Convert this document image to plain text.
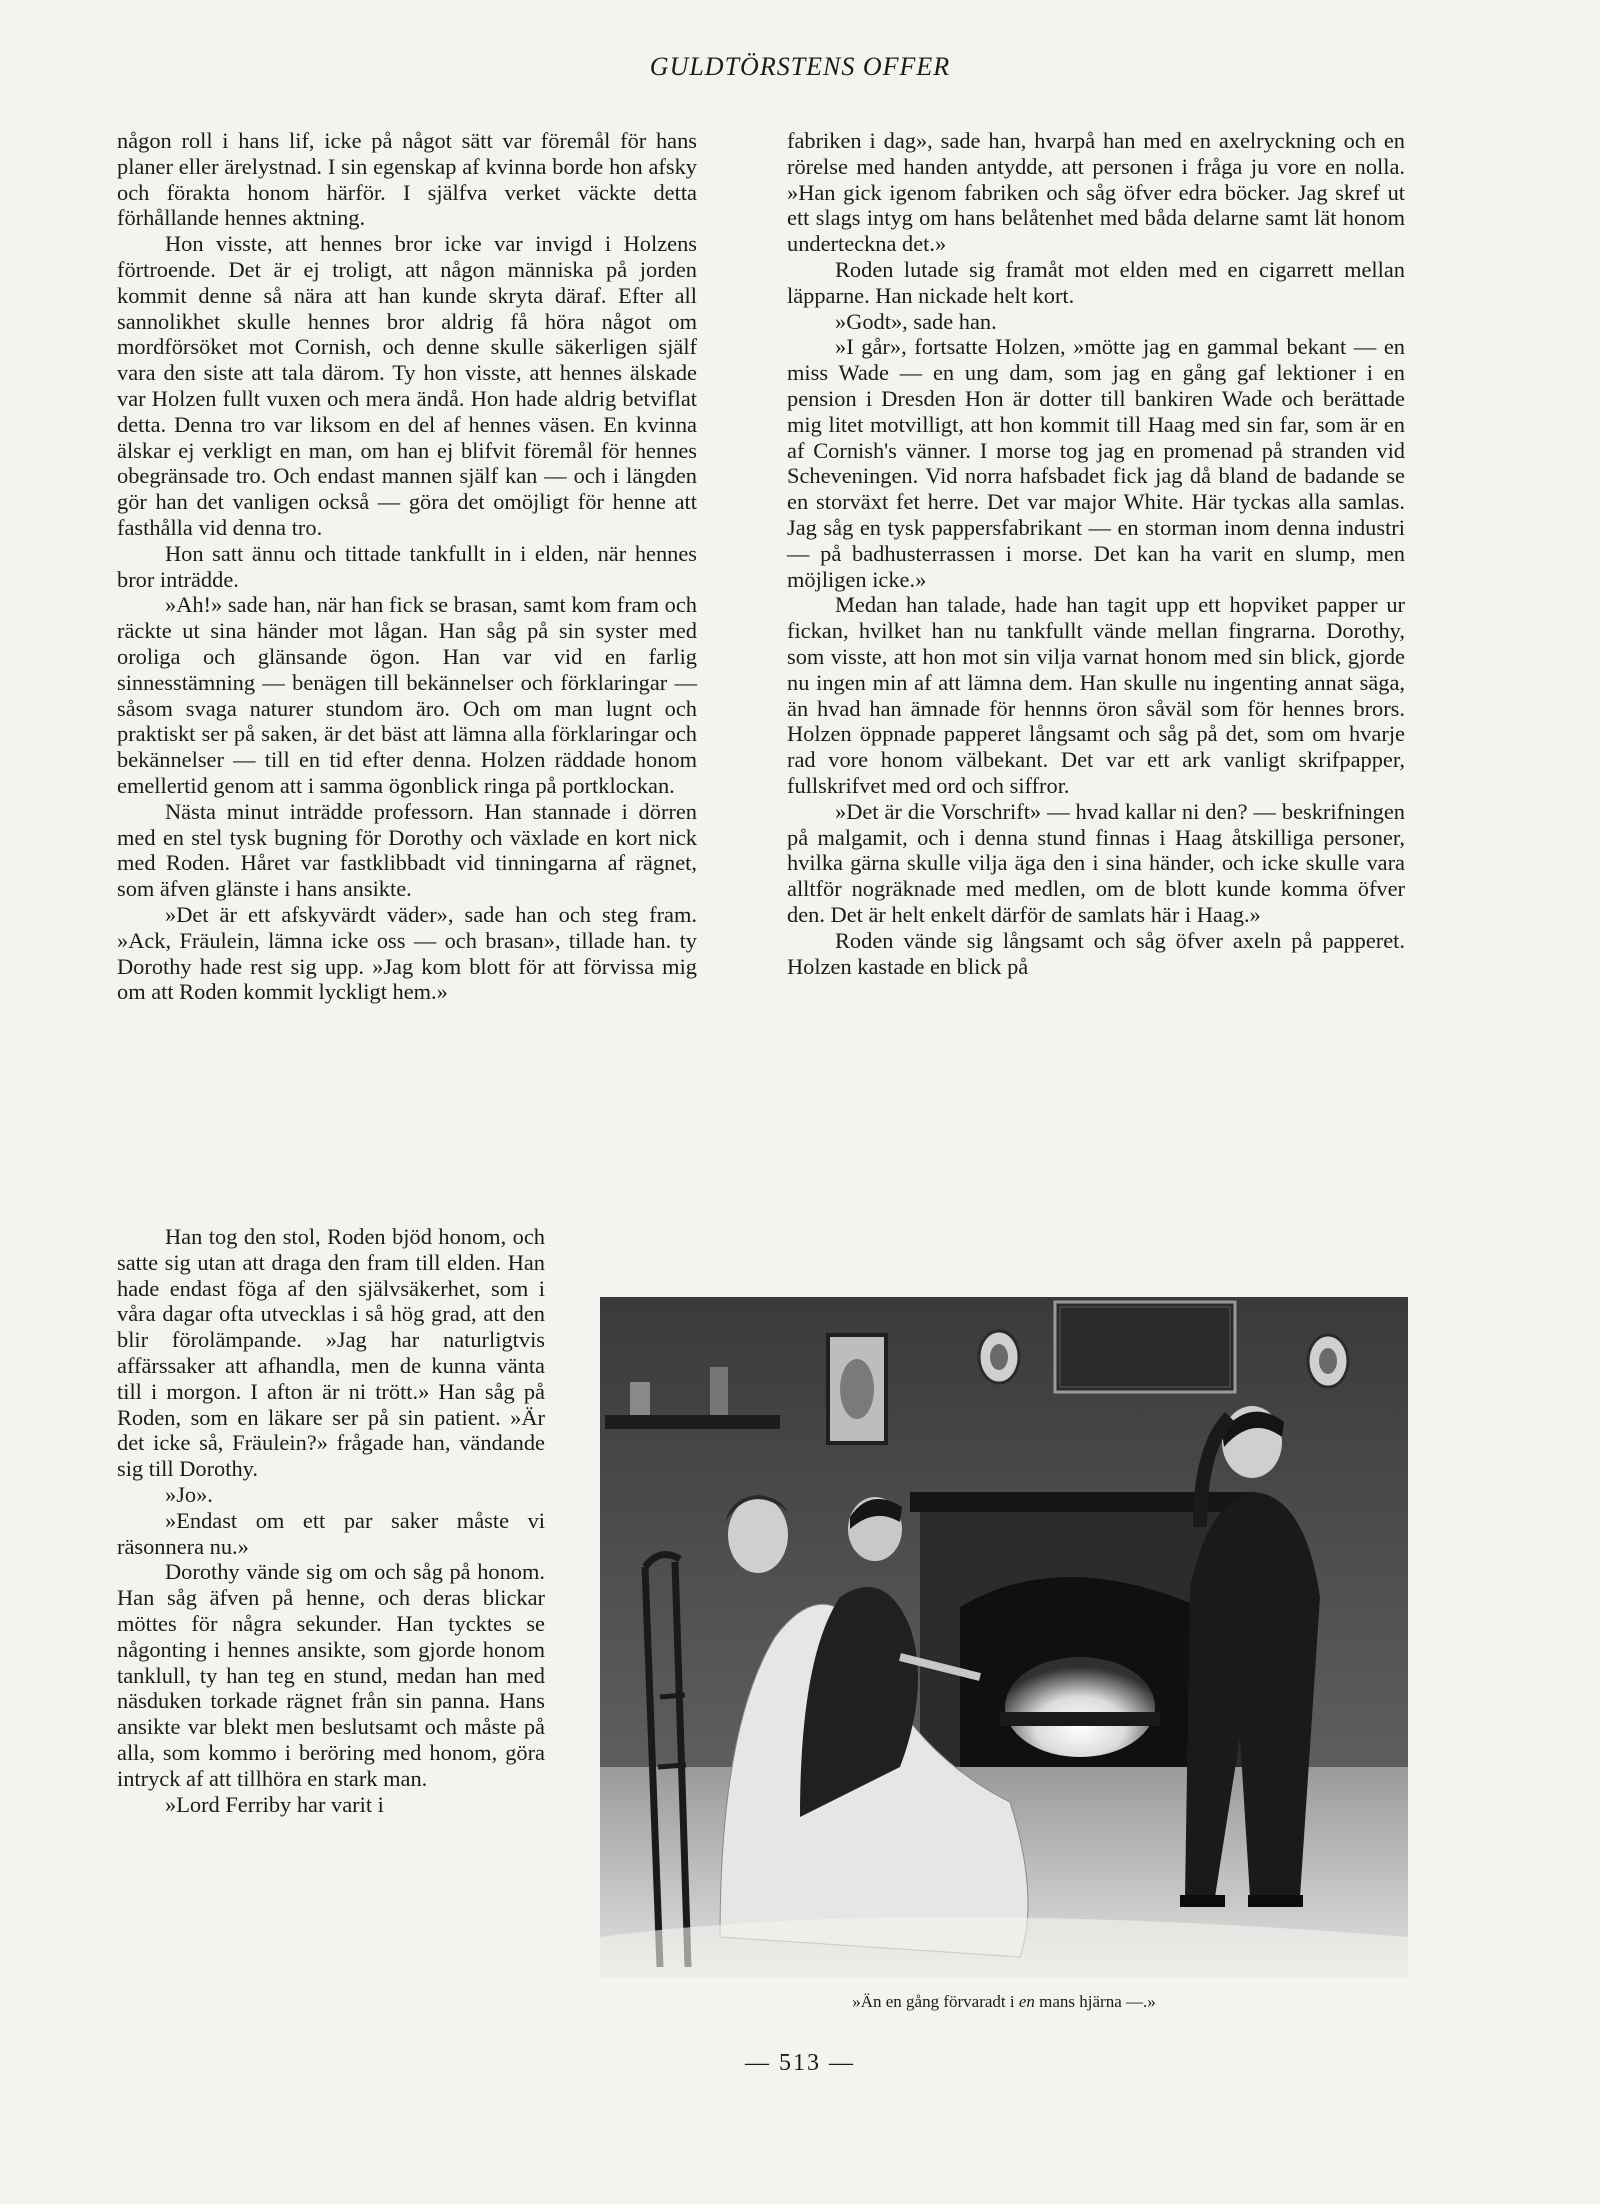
GULDTÖRSTENS OFFER

någon roll i hans lif, icke på något sätt var föremål för hans planer eller ärelystnad. I sin egenskap af kvinna borde hon afsky och förakta honom härför. I själfva verket väckte detta förhållande hennes aktning.

Hon visste, att hennes bror icke var invigd i Holzens förtroende. Det är ej troligt, att någon människa på jorden kommit denne så nära att han kunde skryta däraf. Efter all sannolikhet skulle hennes bror aldrig få höra något om mordförsöket mot Cornish, och denne skulle säkerligen själf vara den siste att tala därom. Ty hon visste, att hennes älskade var Holzen fullt vuxen och mera ändå. Hon hade aldrig betviflat detta. Denna tro var liksom en del af hennes väsen. En kvinna älskar ej verkligt en man, om han ej blifvit föremål för hennes obegränsade tro. Och endast mannen själf kan — och i längden gör han det vanligen också — göra det omöjligt för henne att fasthålla vid denna tro.

Hon satt ännu och tittade tankfullt in i elden, när hennes bror inträdde.

»Ah!» sade han, när han fick se brasan, samt kom fram och räckte ut sina händer mot lågan. Han såg på sin syster med oroliga och glänsande ögon. Han var vid en farlig sinnesstämning — benägen till bekännelser och förklaringar — såsom svaga naturer stundom äro. Och om man lugnt och praktiskt ser på saken, är det bäst att lämna alla förklaringar och bekännelser — till en tid efter denna. Holzen räddade honom emellertid genom att i samma ögonblick ringa på portklockan.

Nästa minut inträdde professorn. Han stannade i dörren med en stel tysk bugning för Dorothy och växlade en kort nick med Roden. Håret var fastklibbadt vid tinningarna af rägnet, som äfven glänste i hans ansikte.

»Det är ett afskyvärdt väder», sade han och steg fram. »Ack, Fräulein, lämna icke oss — och brasan», tillade han. ty Dorothy hade rest sig upp. »Jag kom blott för att förvissa mig om att Roden kommit lyckligt hem.»

Han tog den stol, Roden bjöd honom, och satte sig utan att draga den fram till elden. Han hade endast föga af den självsäkerhet, som i våra dagar ofta utvecklas i så hög grad, att den blir förolämpande. »Jag har naturligtvis affärssaker att afhandla, men de kunna vänta till i morgon. I afton är ni trött.» Han såg på Roden, som en läkare ser på sin patient. »Är det icke så, Fräulein?» frågade han, vändande sig till Dorothy.

»Jo».

»Endast om ett par saker måste vi räsonnera nu.»

Dorothy vände sig om och såg på honom. Han såg äfven på henne, och deras blickar möttes för några sekunder. Han tycktes se någonting i hennes ansikte, som gjorde honom tanklull, ty han teg en stund, medan han med näsduken torkade rägnet från sin panna. Hans ansikte var blekt men beslutsamt och måste på alla, som kommo i beröring med honom, göra intryck af att tillhöra en stark man.

»Lord Ferriby har varit i

fabriken i dag», sade han, hvarpå han med en axelryckning och en rörelse med handen antydde, att personen i fråga ju vore en nolla. »Han gick igenom fabriken och såg öfver edra böcker. Jag skref ut ett slags intyg om hans belåtenhet med båda delarne samt lät honom underteckna det.»

Roden lutade sig framåt mot elden med en cigarrett mellan läpparne. Han nickade helt kort.

»Godt», sade han.

»I går», fortsatte Holzen, »mötte jag en gammal bekant — en miss Wade — en ung dam, som jag en gång gaf lektioner i en pension i Dresden Hon är dotter till bankiren Wade och berättade mig litet motvilligt, att hon kommit till Haag med sin far, som är en af Cornish's vänner. I morse tog jag en promenad på stranden vid Scheveningen. Vid norra hafsbadet fick jag då bland de badande se en storväxt fet herre. Det var major White. Här tyckas alla samlas. Jag såg en tysk pappersfabrikant — en storman inom denna industri — på badhusterrassen i morse. Det kan ha varit en slump, men möjligen icke.»

Medan han talade, hade han tagit upp ett hopviket papper ur fickan, hvilket han nu tankfullt vände mellan fingrarna. Dorothy, som visste, att hon mot sin vilja varnat honom med sin blick, gjorde nu ingen min af att lämna dem. Han skulle nu ingenting annat säga, än hvad han ämnade för hennns öron såväl som för hennes brors. Holzen öppnade papperet långsamt och såg på det, som om hvarje rad vore honom välbekant. Det var ett ark vanligt skrifpapper, fullskrifvet med ord och siffror.

»Det är die Vorschrift» — hvad kallar ni den? — beskrifningen på malgamit, och i denna stund finnas i Haag åtskilliga personer, hvilka gärna skulle vilja äga den i sina händer, och icke skulle vara alltför nogräknade med medlen, om de blott kunde komma öfver den. Det är helt enkelt därför de samlats här i Haag.»

Roden vände sig långsamt och såg öfver axeln på papperet. Holzen kastade en blick på

»Än en gång förvaradt i en mans hjärna —.»
— 513 —
